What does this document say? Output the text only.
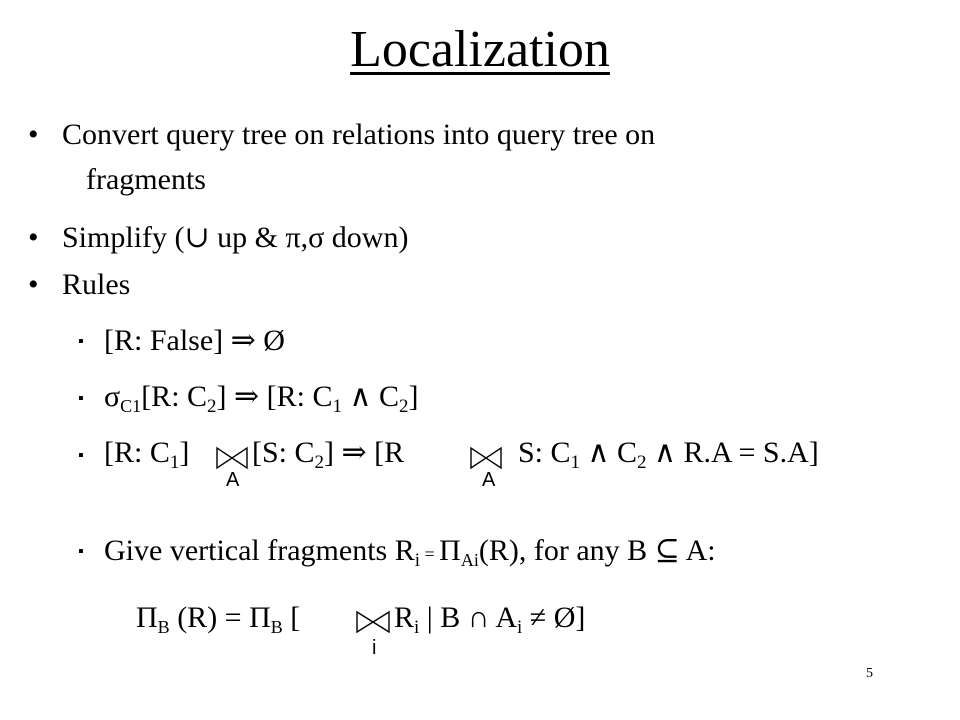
Localization
• Convert query tree on relations into query tree on
fragments
• Simplify (∪ up & π,σ down)
• Rules
▪ [R: False] ⇒ Ø
▪ $\sigma_{C1}[R$: $C_2$] ⇒ [R: $C_1$ ∧ $C_2$]
▪ [R: $C_1$] [S: $C_2$] ⇒ [R	S: $C_1$ ∧ $C_2$ ∧ R.A = S.A]
A	A
▪ Give vertical fragments $R_i = \Pi_{Ai}(R)$, for any B ⊆ A:
$\Pi_B$ $(R) = \Pi_B$ [	$R_i$ | B ∩ $A_i$ ≠ Ø]
i
5
